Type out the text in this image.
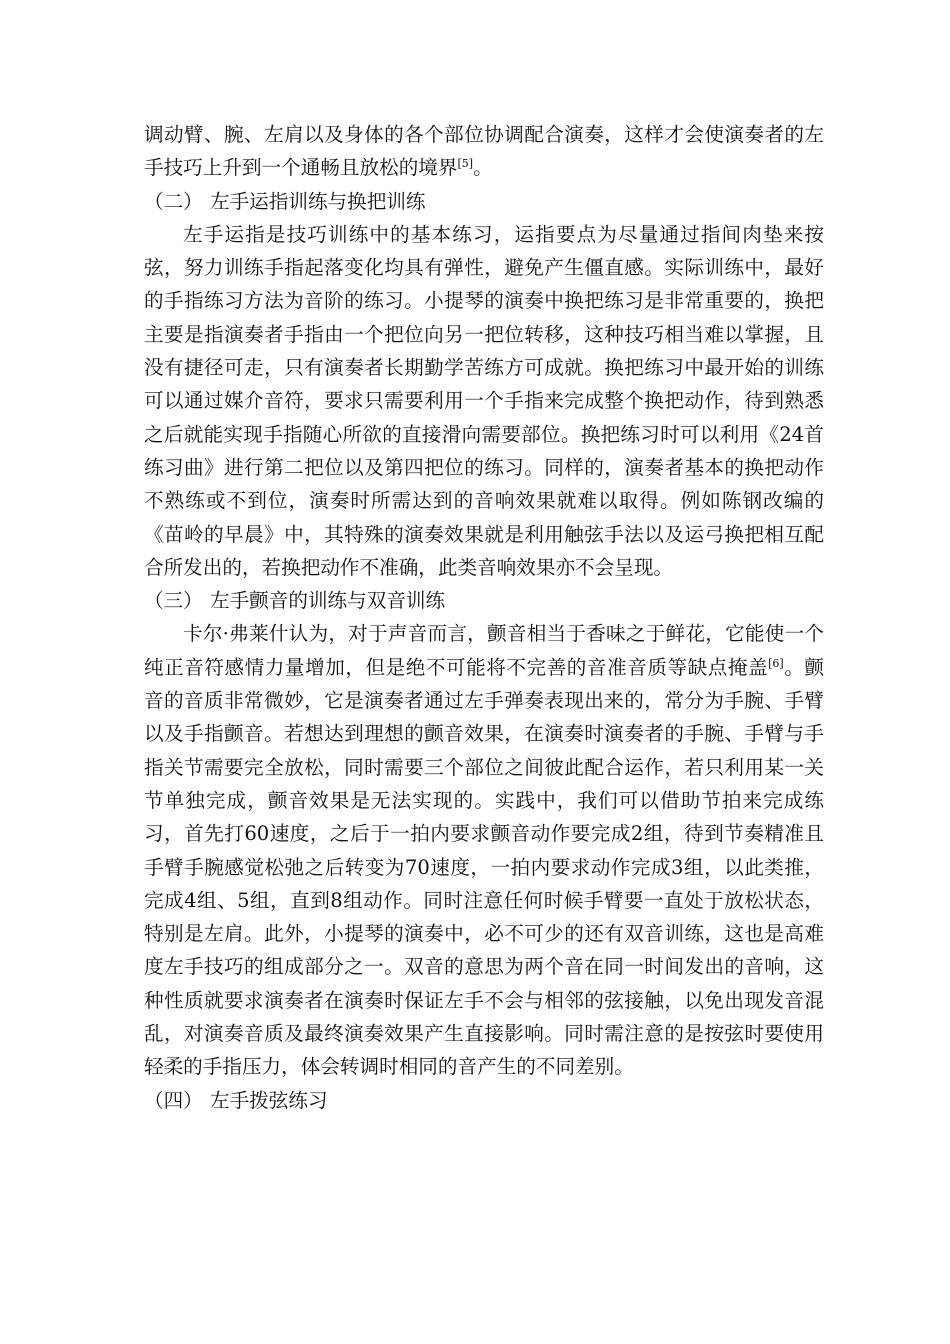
调动臂、腕、左肩以及身体的各个部位协调配合演奏，这样才会使演奏者的左手技巧上升到一个通畅且放松的境界[5]。

（二） 左手运指训练与换把训练

左手运指是技巧训练中的基本练习，运指要点为尽量通过指间肉垫来按弦，努力训练手指起落变化均具有弹性，避免产生僵直感。实际训练中，最好的手指练习方法为音阶的练习。小提琴的演奏中换把练习是非常重要的，换把主要是指演奏者手指由一个把位向另一把位转移，这种技巧相当难以掌握，且没有捷径可走，只有演奏者长期勤学苦练方可成就。换把练习中最开始的训练可以通过媒介音符，要求只需要利用一个手指来完成整个换把动作，待到熟悉之后就能实现手指随心所欲的直接滑向需要部位。换把练习时可以利用《24首练习曲》进行第二把位以及第四把位的练习。同样的，演奏者基本的换把动作不熟练或不到位，演奏时所需达到的音响效果就难以取得。例如陈钢改编的《苗岭的早晨》中，其特殊的演奏效果就是利用触弦手法以及运弓换把相互配合所发出的，若换把动作不准确，此类音响效果亦不会呈现。

（三） 左手颤音的训练与双音训练

卡尔·弗莱什认为，对于声音而言，颤音相当于香味之于鲜花，它能使一个纯正音符感情力量增加，但是绝不可能将不完善的音准音质等缺点掩盖[6]。颤音的音质非常微妙，它是演奏者通过左手弹奏表现出来的，常分为手腕、手臂以及手指颤音。若想达到理想的颤音效果，在演奏时演奏者的手腕、手臂与手指关节需要完全放松，同时需要三个部位之间彼此配合运作，若只利用某一关节单独完成，颤音效果是无法实现的。实践中，我们可以借助节拍来完成练习，首先打60速度，之后于一拍内要求颤音动作要完成2组，待到节奏精准且手臂手腕感觉松弛之后转变为70速度，一拍内要求动作完成3组，以此类推，完成4组、5组，直到8组动作。同时注意任何时候手臂要一直处于放松状态，特别是左肩。此外，小提琴的演奏中，必不可少的还有双音训练，这也是高难度左手技巧的组成部分之一。双音的意思为两个音在同一时间发出的音响，这种性质就要求演奏者在演奏时保证左手不会与相邻的弦接触，以免出现发音混乱，对演奏音质及最终演奏效果产生直接影响。同时需注意的是按弦时要使用轻柔的手指压力，体会转调时相同的音产生的不同差别。

（四） 左手拨弦练习
